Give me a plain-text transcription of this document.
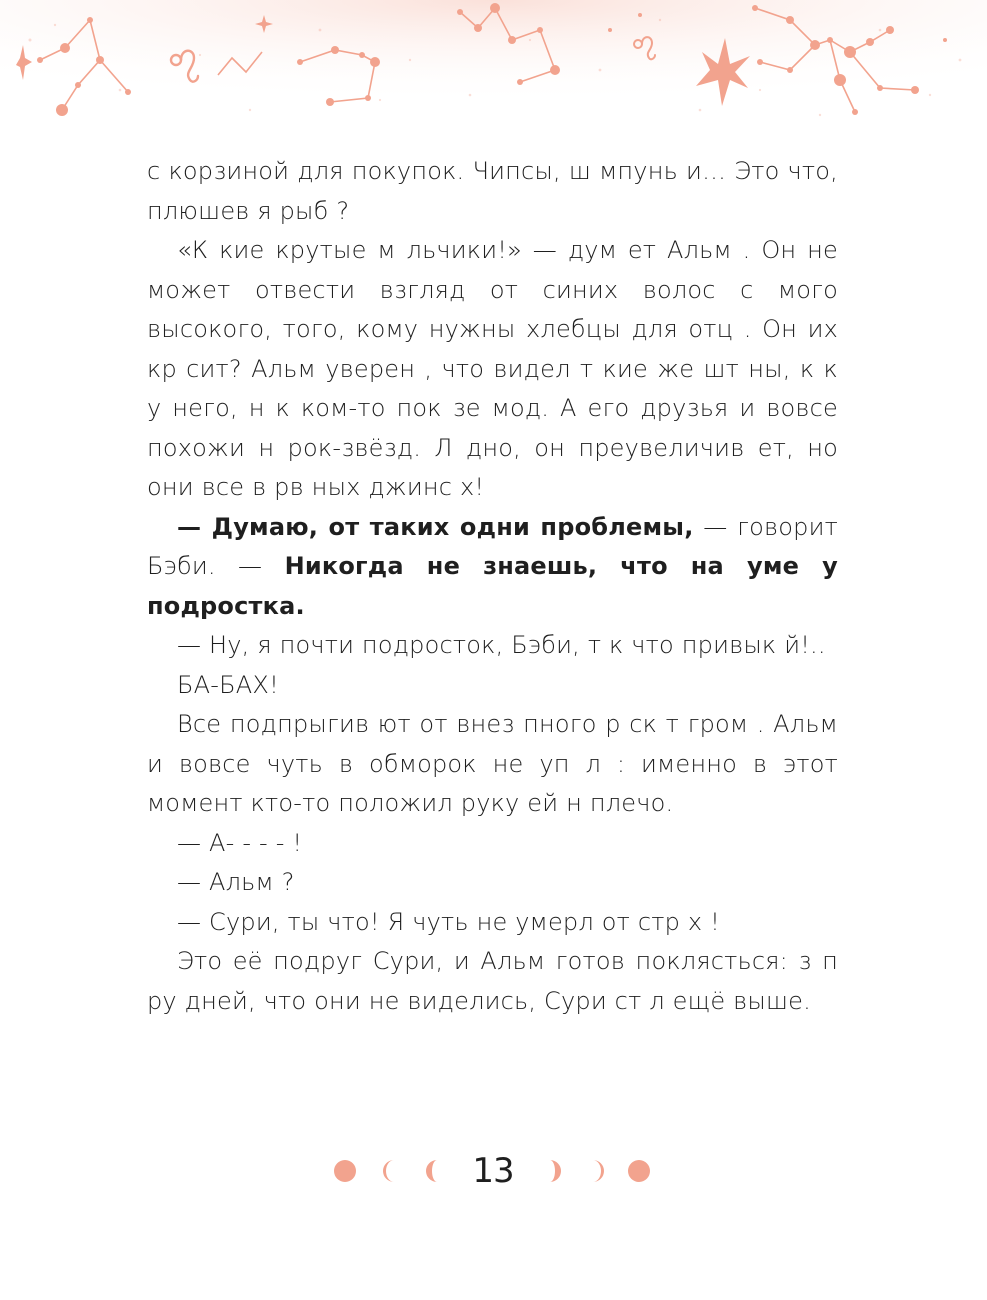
с корзиной для покупок. Чипсы, ш мпунь и… Это что, плюшев я рыб ?

«К кие крутые м льчики!» — дум ет Альм . Он не может отвести взгляд от синих волос с мого высокого, того, кому нужны хлебцы для отц . Он их кр сит? Альм уверен , что видел т кие же шт ны, к к у него, н к ком-то пок зе мод. А его друзья и вовсе похожи н рок-звёзд. Л дно, он преувеличив ет, но они все в рв ных джинс х!

— Думаю, от таких одни проблемы, — говорит Бэби. — Никогда не знаешь, что на уме у подростка.

— Ну, я почти подросток, Бэби, т к что привык й!..

БА-БАХ!

Все подпрыгив ют от внез пного р ск т гром . Альм и вовсе чуть в обморок не уп л : именно в этот момент кто-то положил руку ей н плечо.

— А- - - - !

— Альм ?

— Сури, ты что! Я чуть не умерл от стр х !

Это её подруг Сури, и Альм готов поклясться: з п ру дней, что они не виделись, Сури ст л ещё выше.

13
